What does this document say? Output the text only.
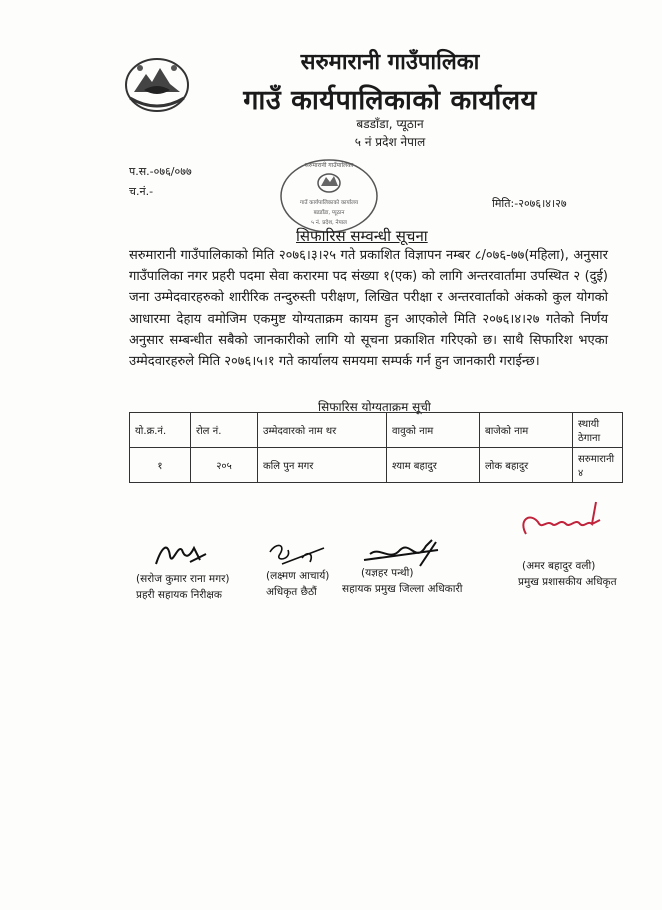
सरुमारानी गाउँपालिका
गाउँ कार्यपालिकाको कार्यालय
बडडाँडा, प्यूठान
५ नं प्रदेश नेपाल
प.स.-०७६/०७७
च.नं.-
मिति:-२०७६।४।२७
सरुमारानी गाउँपालिका
गाउँ कार्यपालिकाको कार्यालय
बडडाँडा, प्यूठान
५ नं. प्रदेश, नेपाल
सिफारिस सम्वन्धी सूचना
सरुमारानी गाउँपालिकाको मिति २०७६।३।२५ गते प्रकाशित विज्ञापन नम्बर ८/०७६-७७(महिला), अनुसार गाउँपालिका नगर प्रहरी पदमा सेवा करारमा पद संख्या १(एक) को लागि अन्तरवार्तामा उपस्थित २ (दुई) जना उम्मेदवारहरुको शारीरिक तन्दुरुस्ती परीक्षण, लिखित परीक्षा र अन्तरवार्ताको अंकको कुल योगको आधारमा देहाय वमोजिम एकमुष्ट योग्यताक्रम कायम हुन आएकोले मिति २०७६।४।२७ गतेको निर्णय अनुसार सम्बन्धीत सबैको जानकारीको लागि यो सूचना प्रकाशित गरिएको छ। साथै सिफारिश भएका उम्मेदवारहरुले मिति २०७६।५।१ गते कार्यालय समयमा सम्पर्क गर्न हुन जानकारी गराईन्छ।
सिफारिस योग्यताक्रम सूची
यो.क्र.नं.	रोल नं.	उम्मेदवारको नाम थर	वावुको नाम	बाजेको नाम	स्थायी ठेगाना
१	२०५	कलि पुन मगर	श्याम बहादुर	लोक बहादुर	सरुमारानी ४
(सरोज कुमार राना मगर)
प्रहरी सहायक निरीक्षक
(लक्ष्मण आचार्य)
अधिकृत छैठौं
(यज्ञहर पन्थी)
सहायक प्रमुख जिल्ला अधिकारी
(अमर बहादुर वली)
प्रमुख प्रशासकीय अधिकृत
